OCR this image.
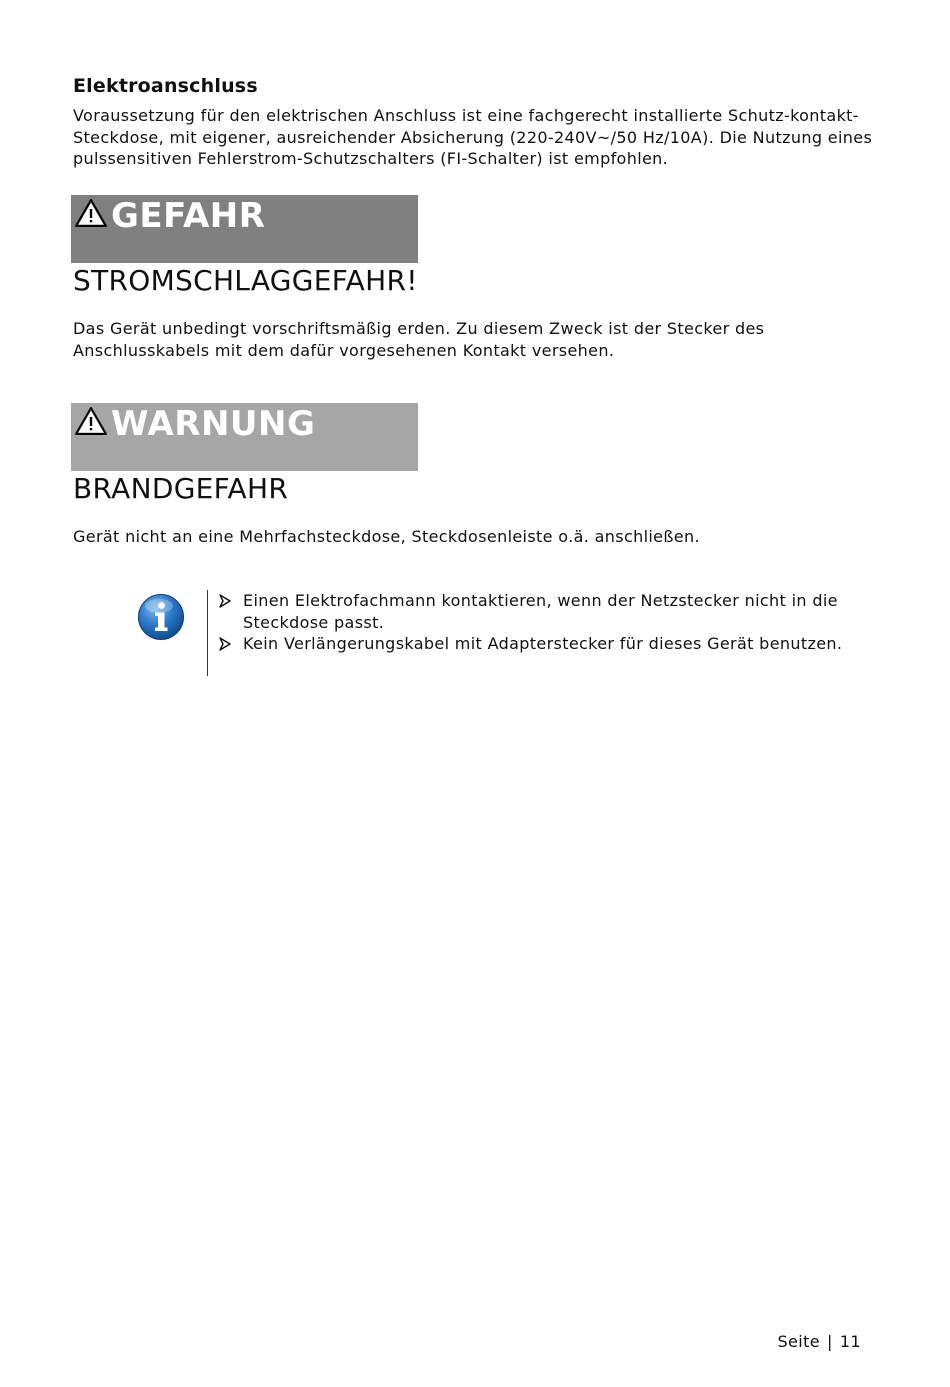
Elektroanschluss

Voraussetzung für den elektrischen Anschluss ist eine fachgerecht installierte Schutz-kontakt-Steckdose, mit eigener, ausreichender Absicherung (220-240V~/50 Hz/10A). Die Nutzung eines pulssensitiven Fehlerstrom-Schutzschalters (FI-Schalter) ist empfohlen.

GEFAHR
STROMSCHLAGGEFAHR!

Das Gerät unbedingt vorschriftsmäßig erden. Zu diesem Zweck ist der Stecker des Anschlusskabels mit dem dafür vorgesehenen Kontakt versehen.

WARNUNG
BRANDGEFAHR

Gerät nicht an eine Mehrfachsteckdose, Steckdosenleiste o.ä. anschließen.

Einen Elektrofachmann kontaktieren, wenn der Netzstecker nicht in die Steckdose passt.
Kein Verlängerungskabel mit Adapterstecker für dieses Gerät benutzen.
Seite | 11
